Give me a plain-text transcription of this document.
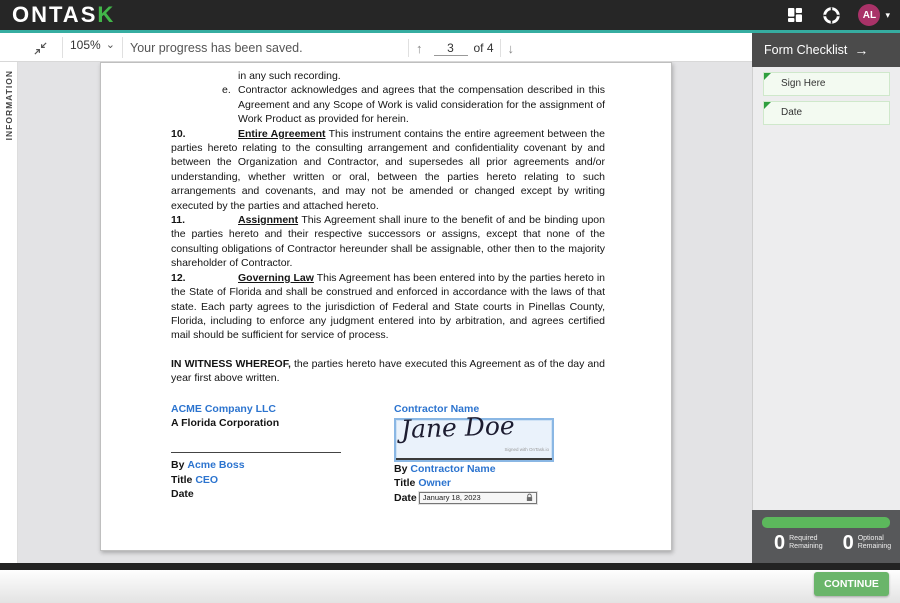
ONTASK	AL	▾
105% ⌄ Your progress has been saved.	↑
3	of 4	↓
INFORMATION	in any such recording.

e. Contractor acknowledges and agrees that the compensation described in this Agreement and any Scope of Work is valid consideration for the assignment of Work Product as provided for herein.

10.	Entire Agreement This instrument contains the entire agreement between the parties hereto relating to the consulting arrangement and confidentiality covenant by and between the Organization and Contractor, and supersedes all prior agreements and/or understanding, whether written or oral, between the parties hereto relating to such arrangements and covenants, and may not be amended or changed except by writing executed by the parties and attached hereto.

11.	Assignment This Agreement shall inure to the benefit of and be binding upon the parties hereto and their respective successors or assigns, except that none of the consulting obligations of Contractor hereunder shall be assignable, other then to the majority shareholder of Contractor.

12.	Governing Law This Agreement has been entered into by the parties hereto in the State of Florida and shall be construed and enforced in accordance with the laws of that state. Each party agrees to the jurisdiction of Federal and State courts in Pinellas County, Florida, including to enforce any judgment entered into by arbitration, and agrees certified mail should be sufficient for service of process.

IN WITNESS WHEREOF, the parties hereto have executed this Agreement as of the day and year first above written.

ACME Company LLC
A Florida Corporation
By Acme Boss
Title CEO
Date
Contractor Name
Jane Doe
Signed with OnTask.io
By Contractor Name
Title Owner
Date January 18, 2023
Form Checklist →
Sign Here
Date
0 Required
Remaining 0 Optional
Remaining
CONTINUE
